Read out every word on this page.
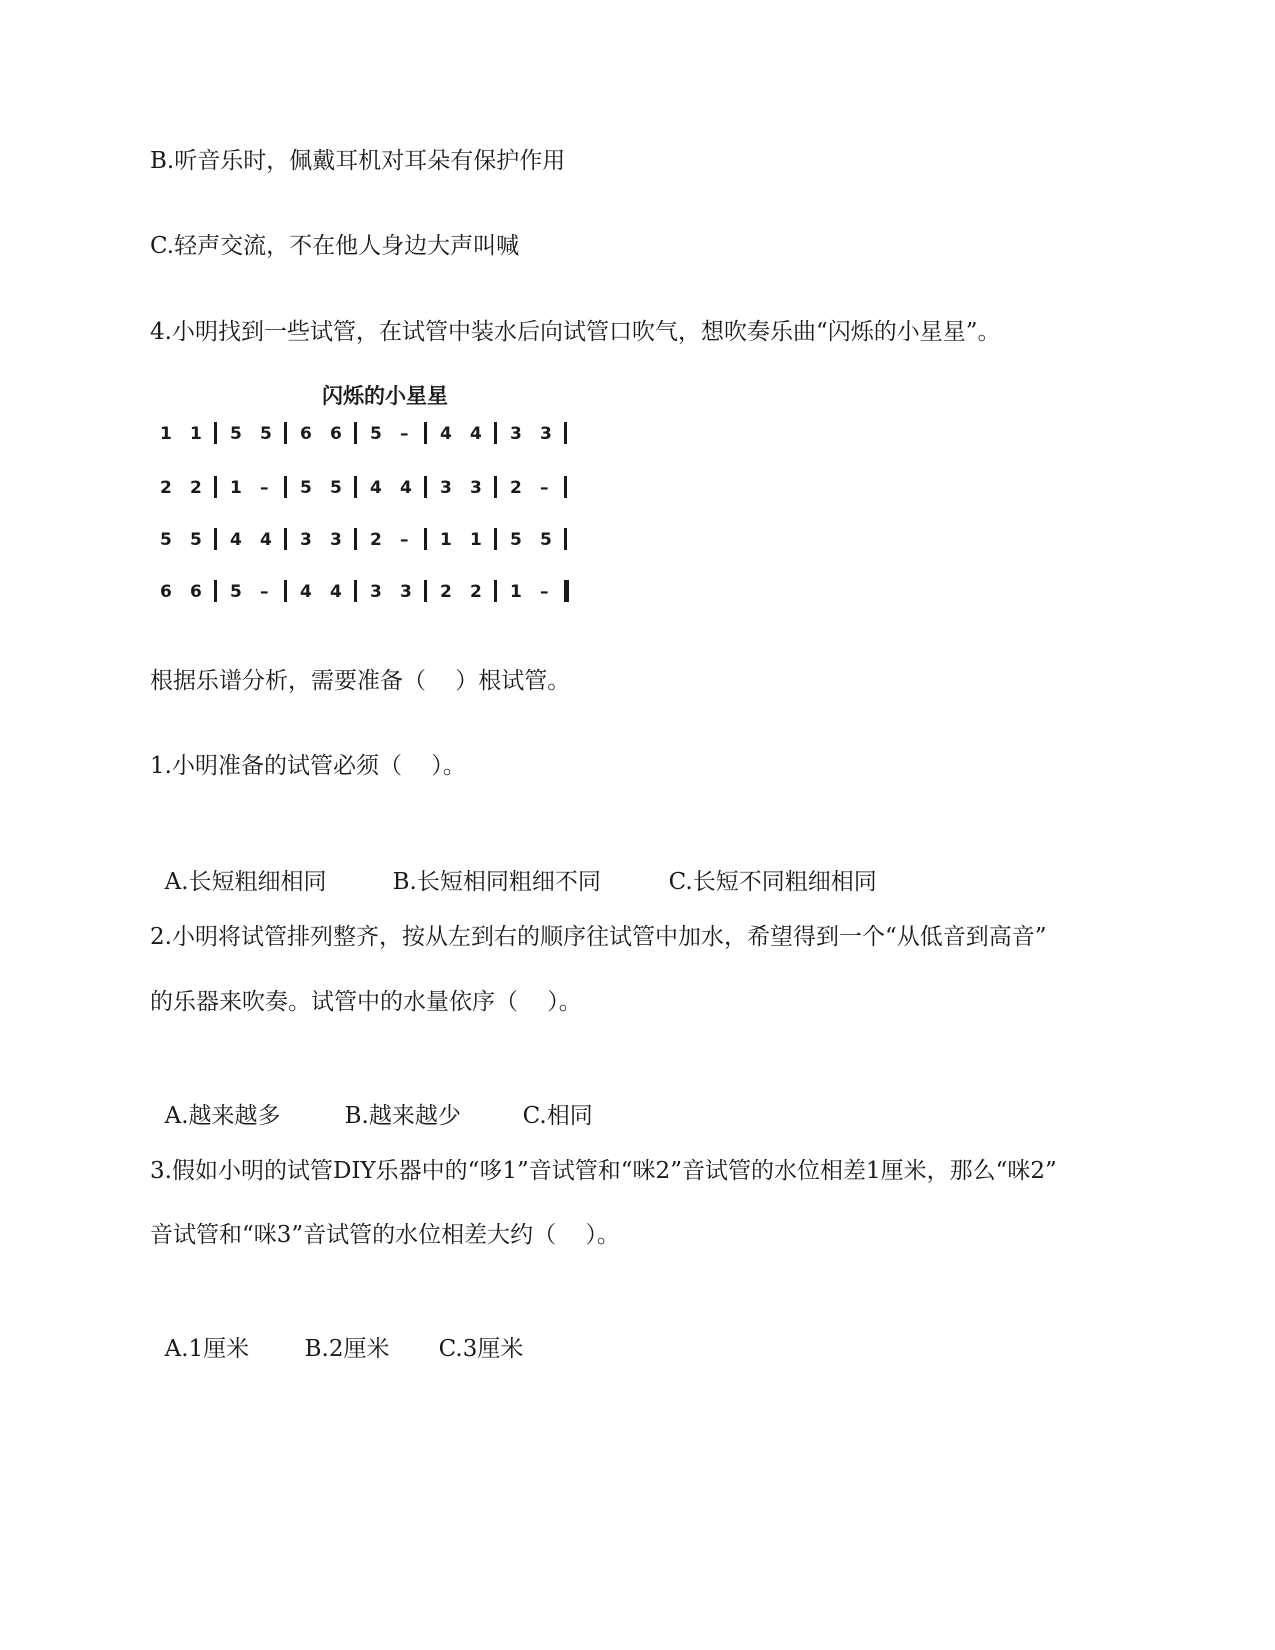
B.听音乐时，佩戴耳机对耳朵有保护作用

C.轻声交流，不在他人身边大声叫喊

4.小明找到一些试管，在试管中装水后向试管口吹气，想吹奏乐曲“闪烁的小星星”。

闪烁的小星星
1 1 5 5 6 6 5 – 4 4 3 3
2 2 1 – 5 5 4 4 3 3 2 –
5 5 4 4 3 3 2 – 1 1 5 5
6 6 5 – 4 4 3 3 2 2 1 –

根据乐谱分析，需要准备（    ）根试管。

1.小明准备的试管必须（    ）。

A.长短粗细相同	B.长短相同粗细不同	C.长短不同粗细相同

2.小明将试管排列整齐，按从左到右的顺序往试管中加水，希望得到一个“从低音到高音”

的乐器来吹奏。试管中的水量依序（    ）。

A.越来越多	B.越来越少	C.相同

3.假如小明的试管DIY乐器中的“哆1”音试管和“咪2”音试管的水位相差1厘米，那么“咪2”

音试管和“咪3”音试管的水位相差大约（    ）。

A.1厘米 B.2厘米 C.3厘米
